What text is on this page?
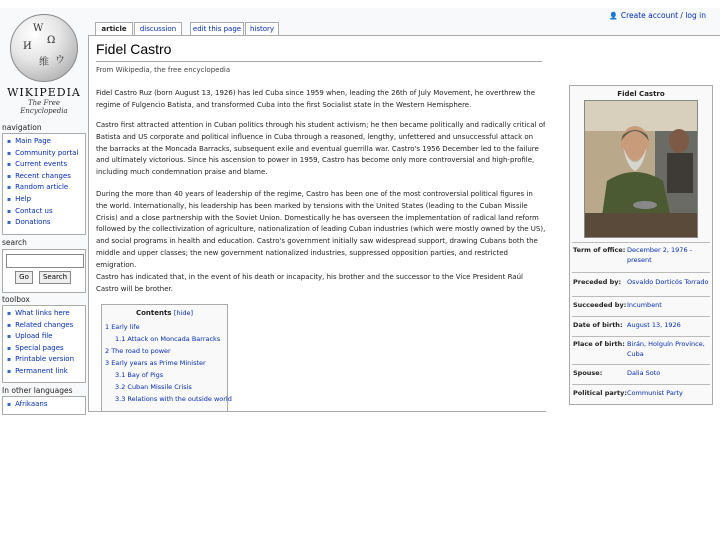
👤 Create account / log in
W
Ω
И
维 ウ
WIKIPEDIA
The Free Encyclopedia
navigation
▪ Main Page
▪ Community portal
▪ Current events
▪ Recent changes
▪ Random article
▪ Help
▪ Contact us
▪ Donations
search
Go	Search
toolbox
▪ What links here
▪ Related changes
▪ Upload file
▪ Special pages
▪ Printable version
▪ Permanent link
In other languages
▪ Afrikaans
article	discussion	edit this page	history
Fidel Castro
From Wikipedia, the free encyclopedia

Fidel Castro Ruz (born August 13, 1926) has led Cuba since 1959 when, leading the 26th of July Movement, he overthrew the regime of Fulgencio Batista, and transformed Cuba into the first Socialist state in the Western Hemisphere.

Castro first attracted attention in Cuban politics through his student activism; he then became politically and radically critical of Batista and US corporate and political influence in Cuba through a reasoned, lengthy, unfettered and unsuccessful attack on the barracks at the Moncada Barracks, subsequent exile and eventual guerrilla war. Castro's 1956 December led to the failure and ultimately victorious. Since his ascension to power in 1959, Castro has become only more controversial and high-profile, including much condemnation praise and blame.

During the more than 40 years of leadership of the regime, Castro has been one of the most controversial political figures in the world. Internationally, his leadership has been marked by tensions with the United States (leading to the Cuban Missile Crisis) and a close partnership with the Soviet Union. Domestically he has overseen the implementation of radical land reform followed by the collectivization of agriculture, nationalization of leading Cuban industries (which were mostly owned by the US), and social programs in health and education. Castro's government initially saw widespread support, drawing Cubans both the middle and upper classes; the new government nationalized industries, suppressed opposition parties, and restricted emigration.

Castro has indicated that, in the event of his death or incapacity, his brother and the successor to the Vice President Raúl Castro will be brother.

Contents [hide]
1 Early life
1.1 Attack on Moncada Barracks
2 The road to power
3 Early years as Prime Minister
3.1 Bay of Pigs
3.2 Cuban Missile Crisis
3.3 Relations with the outside world
Fidel Castro
Term of office: December 2, 1976 - present
Preceded by: Osvaldo Dorticós Torrado
Succeeded by: Incumbent
Date of birth: August 13, 1926
Place of birth: Birán, Holguín Province, Cuba
Spouse:	Dalia Soto
Political party: Communist Party
